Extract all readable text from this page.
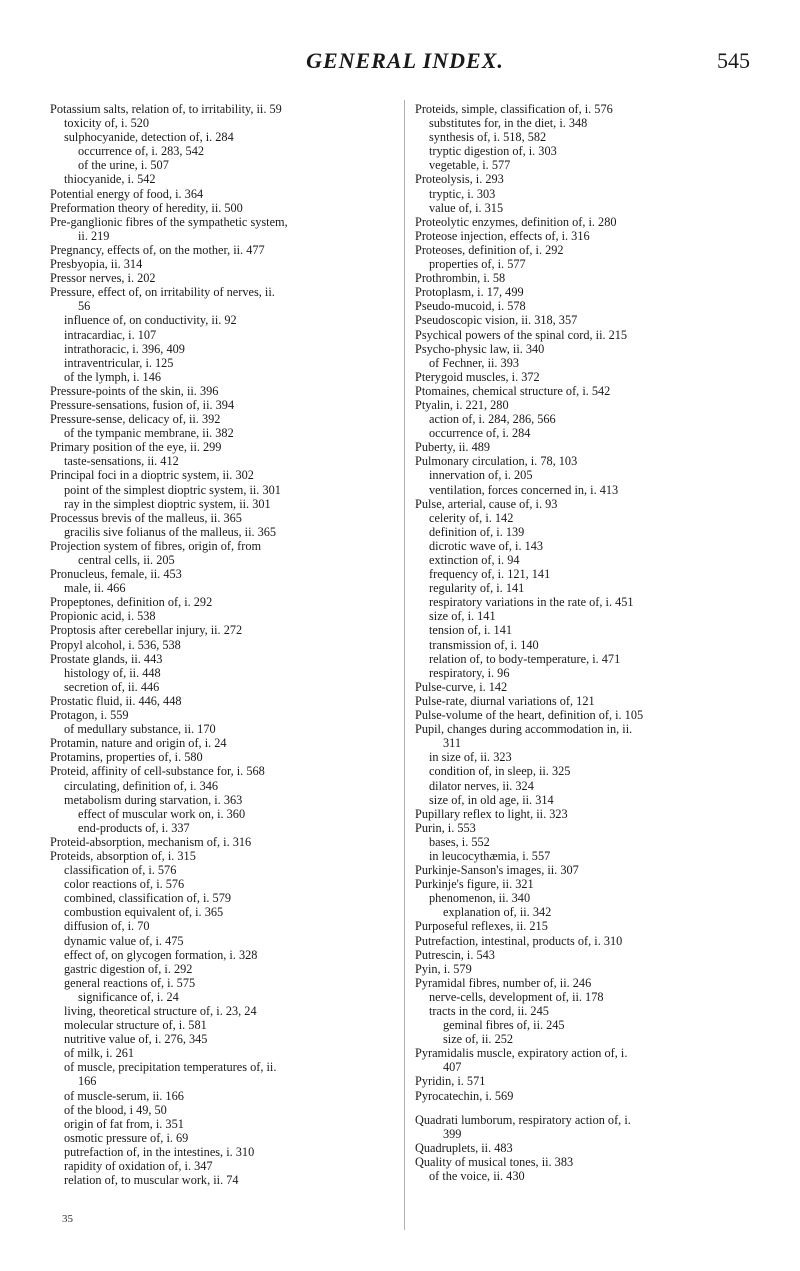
GENERAL INDEX.	545
Potassium salts, relation of, to irritability, ii. 59
toxicity of, i. 520
sulphocyanide, detection of, i. 284
occurrence of, i. 283, 542
of the urine, i. 507
thiocyanide, i. 542
Potential energy of food, i. 364
Preformation theory of heredity, ii. 500
Pre-ganglionic fibres of the sympathetic system,
ii. 219
Pregnancy, effects of, on the mother, ii. 477
Presbyopia, ii. 314
Pressor nerves, i. 202
Pressure, effect of, on irritability of nerves, ii.
56
influence of, on conductivity, ii. 92
intracardiac, i. 107
intrathoracic, i. 396, 409
intraventricular, i. 125
of the lymph, i. 146
Pressure-points of the skin, ii. 396
Pressure-sensations, fusion of, ii. 394
Pressure-sense, delicacy of, ii. 392
of the tympanic membrane, ii. 382
Primary position of the eye, ii. 299
taste-sensations, ii. 412
Principal foci in a dioptric system, ii. 302
point of the simplest dioptric system, ii. 301
ray in the simplest dioptric system, ii. 301
Processus brevis of the malleus, ii. 365
gracilis sive folianus of the malleus, ii. 365
Projection system of fibres, origin of, from
central cells, ii. 205
Pronucleus, female, ii. 453
male, ii. 466
Propeptones, definition of, i. 292
Propionic acid, i. 538
Proptosis after cerebellar injury, ii. 272
Propyl alcohol, i. 536, 538
Prostate glands, ii. 443
histology of, ii. 448
secretion of, ii. 446
Prostatic fluid, ii. 446, 448
Protagon, i. 559
of medullary substance, ii. 170
Protamin, nature and origin of, i. 24
Protamins, properties of, i. 580
Proteid, affinity of cell-substance for, i. 568
circulating, definition of, i. 346
metabolism during starvation, i. 363
effect of muscular work on, i. 360
end-products of, i. 337
Proteid-absorption, mechanism of, i. 316
Proteids, absorption of, i. 315
classification of, i. 576
color reactions of, i. 576
combined, classification of, i. 579
combustion equivalent of, i. 365
diffusion of, i. 70
dynamic value of, i. 475
effect of, on glycogen formation, i. 328
gastric digestion of, i. 292
general reactions of, i. 575
significance of, i. 24
living, theoretical structure of, i. 23, 24
molecular structure of, i. 581
nutritive value of, i. 276, 345
of milk, i. 261
of muscle, precipitation temperatures of, ii.
166
of muscle-serum, ii. 166
of the blood, i 49, 50
origin of fat from, i. 351
osmotic pressure of, i. 69
putrefaction of, in the intestines, i. 310
rapidity of oxidation of, i. 347
relation of, to muscular work, ii. 74
Proteids, simple, classification of, i. 576
substitutes for, in the diet, i. 348
synthesis of, i. 518, 582
tryptic digestion of, i. 303
vegetable, i. 577
Proteolysis, i. 293
tryptic, i. 303
value of, i. 315
Proteolytic enzymes, definition of, i. 280
Proteose injection, effects of, i. 316
Proteoses, definition of, i. 292
properties of, i. 577
Prothrombin, i. 58
Protoplasm, i. 17, 499
Pseudo-mucoid, i. 578
Pseudoscopic vision, ii. 318, 357
Psychical powers of the spinal cord, ii. 215
Psycho-physic law, ii. 340
of Fechner, ii. 393
Pterygoid muscles, i. 372
Ptomaines, chemical structure of, i. 542
Ptyalin, i. 221, 280
action of, i. 284, 286, 566
occurrence of, i. 284
Puberty, ii. 489
Pulmonary circulation, i. 78, 103
innervation of, i. 205
ventilation, forces concerned in, i. 413
Pulse, arterial, cause of, i. 93
celerity of, i. 142
definition of, i. 139
dicrotic wave of, i. 143
extinction of, i. 94
frequency of, i. 121, 141
regularity of, i. 141
respiratory variations in the rate of, i. 451
size of, i. 141
tension of, i. 141
transmission of, i. 140
relation of, to body-temperature, i. 471
respiratory, i. 96
Pulse-curve, i. 142
Pulse-rate, diurnal variations of, 121
Pulse-volume of the heart, definition of, i. 105
Pupil, changes during accommodation in, ii.
311
in size of, ii. 323
condition of, in sleep, ii. 325
dilator nerves, ii. 324
size of, in old age, ii. 314
Pupillary reflex to light, ii. 323
Purin, i. 553
bases, i. 552
in leucocythæmia, i. 557
Purkinje-Sanson's images, ii. 307
Purkinje's figure, ii. 321
phenomenon, ii. 340
explanation of, ii. 342
Purposeful reflexes, ii. 215
Putrefaction, intestinal, products of, i. 310
Putrescin, i. 543
Pyin, i. 579
Pyramidal fibres, number of, ii. 246
nerve-cells, development of, ii. 178
tracts in the cord, ii. 245
geminal fibres of, ii. 245
size of, ii. 252
Pyramidalis muscle, expiratory action of, i.
407
Pyridin, i. 571
Pyrocatechin, i. 569
Quadrati lumborum, respiratory action of, i.
399
Quadruplets, ii. 483
Quality of musical tones, ii. 383
of the voice, ii. 430
35
